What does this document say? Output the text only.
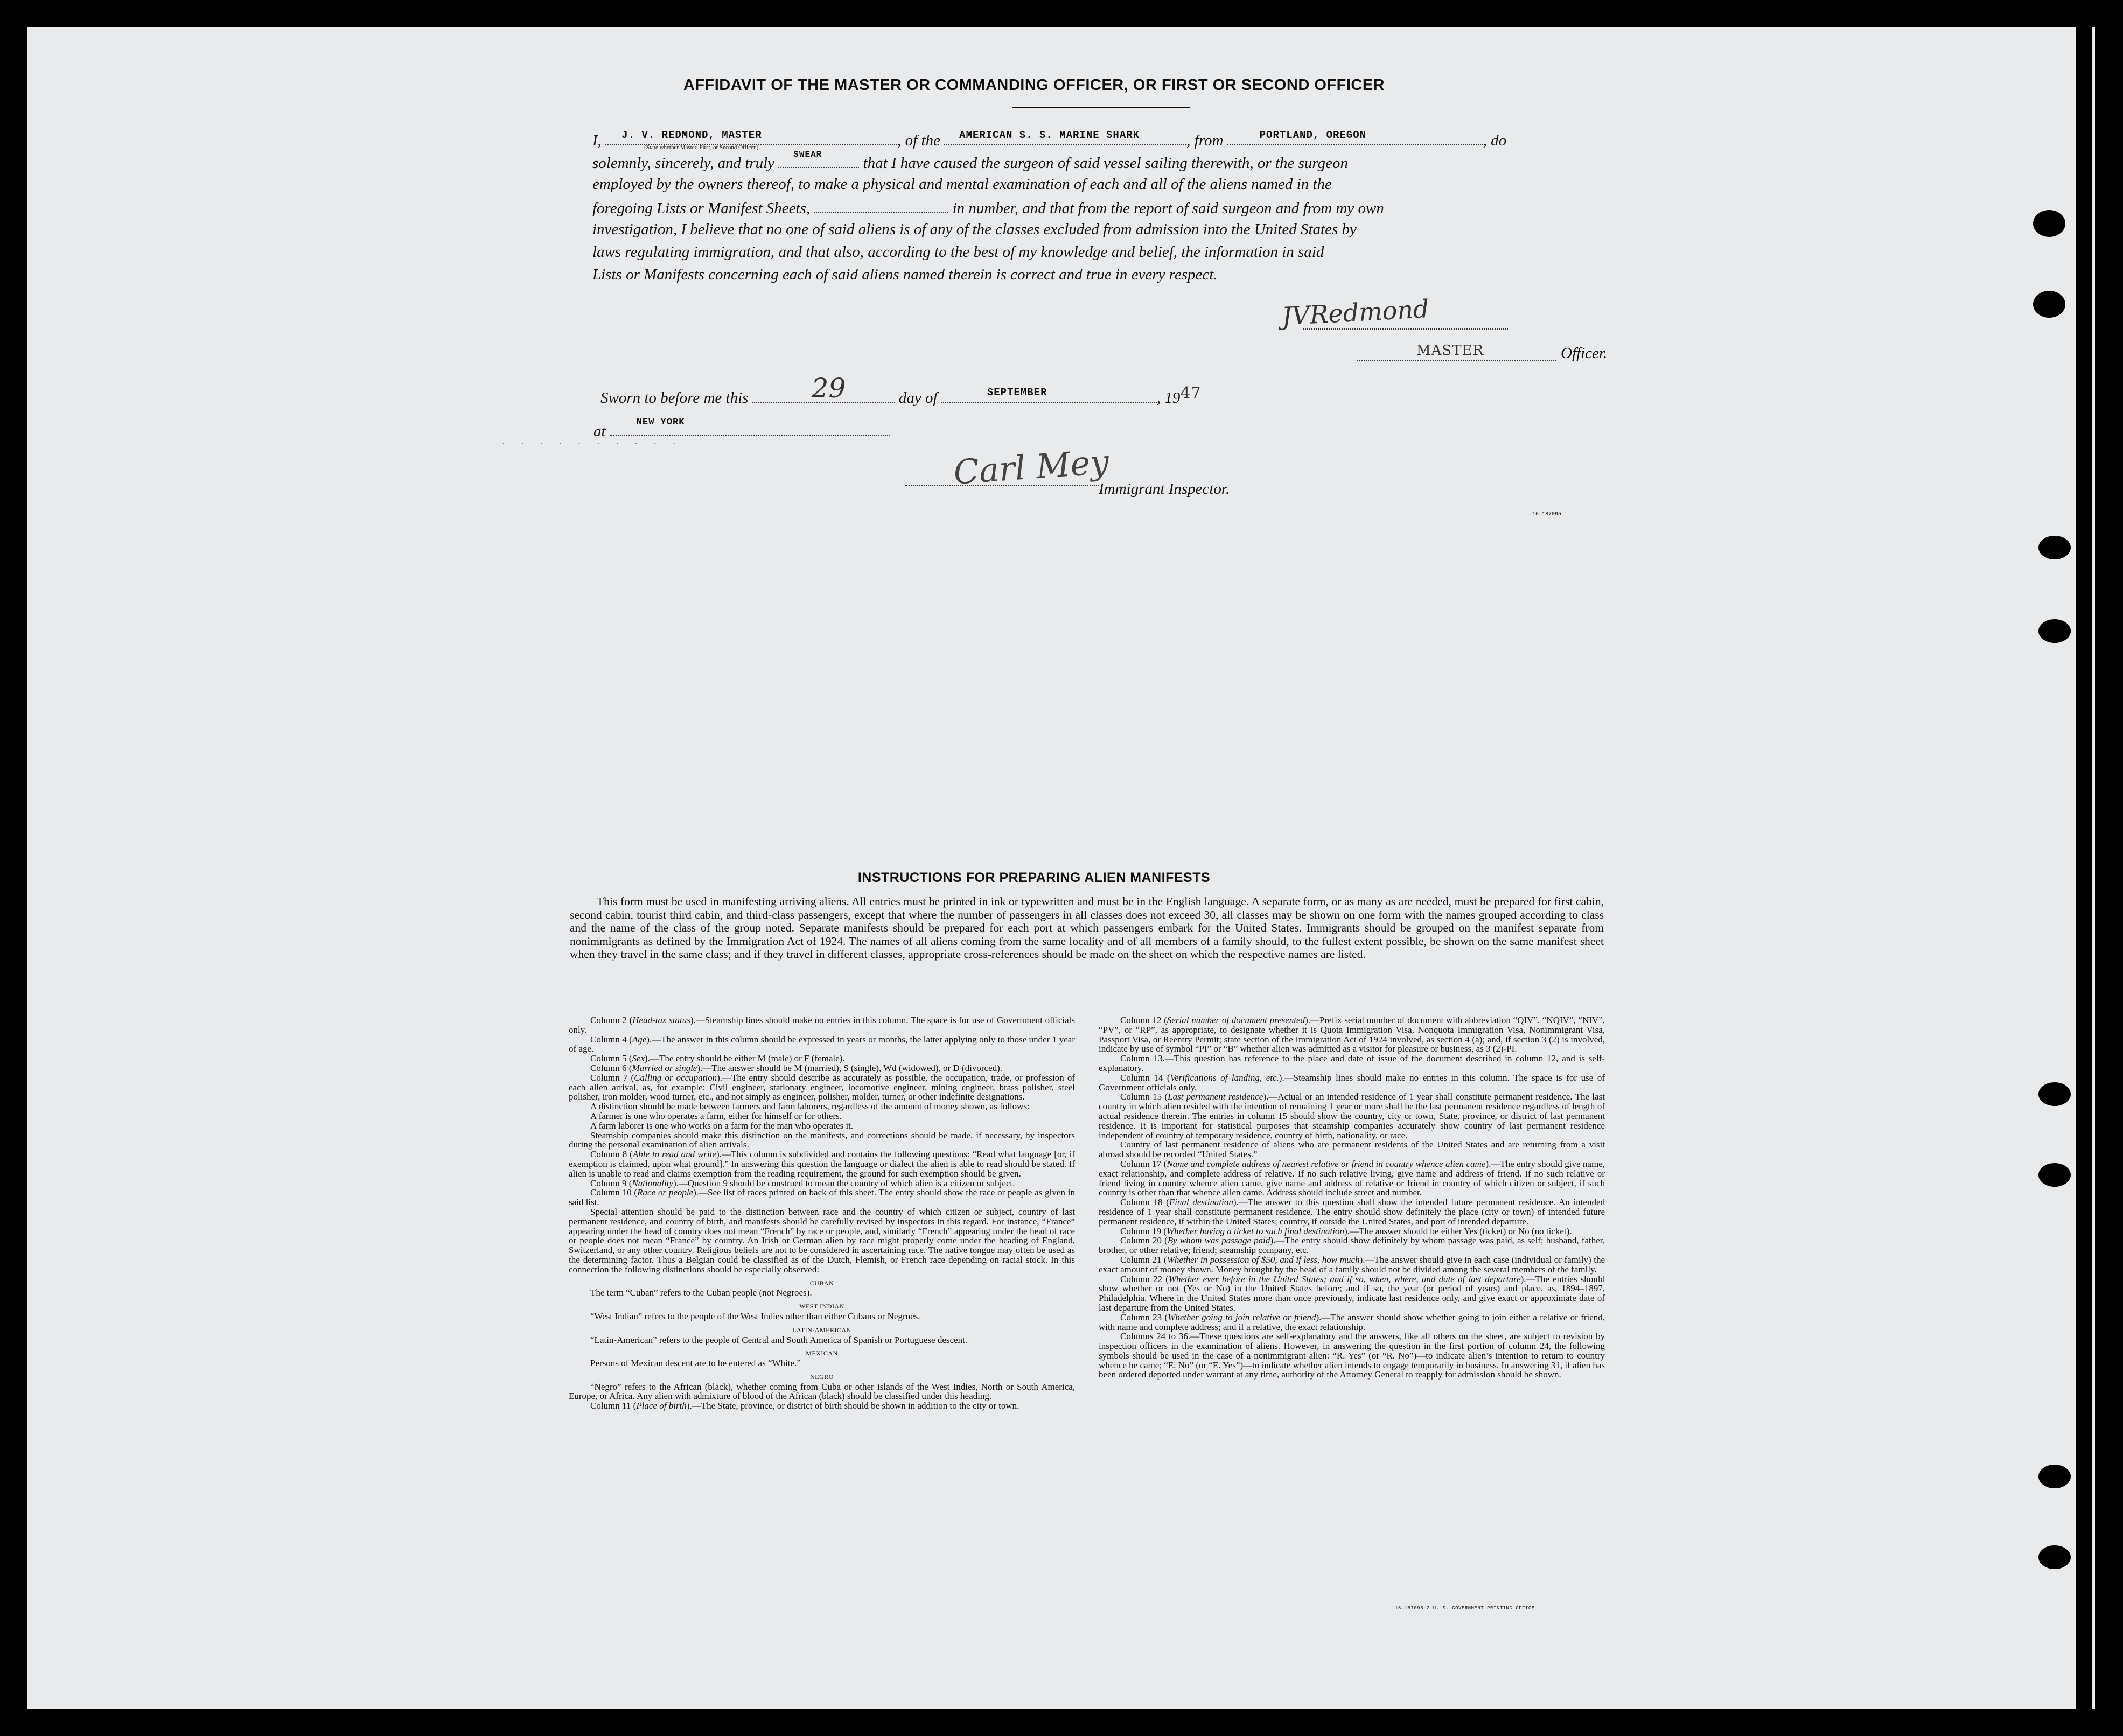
AFFIDAVIT OF THE MASTER OR COMMANDING OFFICER, OR FIRST OR SECOND OFFICER
I, J. V. REDMOND, MASTER
(State whether Master, First, or Second Officer.)	, of the AMERICAN S. S. MARINE SHARK	, from	PORTLAND, OREGON	, do
solemnly, sincerely, and truly SWEAR	that I have caused the surgeon of said vessel sailing therewith, or the surgeon
employed by the owners thereof, to make a physical and mental examination of each and all of the aliens named in the
foregoing Lists or Manifest Sheets,	in number, and that from the report of said surgeon and from my own
investigation, I believe that no one of said aliens is of any of the classes excluded from admission into the United States by
laws regulating immigration, and that also, according to the best of my knowledge and belief, the information in said
Lists or Manifests concerning each of said aliens named therein is correct and true in every respect.
JVRedmond
MASTER	Officer.
Sworn to before me this 29	day of	SEPTEMBER	, 1947
at
NEW YORK
· · · · · · · · · ·	Carl Mey
Immigrant Inspector.
16—187095
INSTRUCTIONS FOR PREPARING ALIEN MANIFESTS
This form must be used in manifesting arriving aliens. All entries must be printed in ink or typewritten and must be in the English language. A separate form, or as many as are needed, must be prepared for first cabin, second cabin, tourist third cabin, and third-class passengers, except that where the number of passengers in all classes does not exceed 30, all classes may be shown on one form with the names grouped according to class and the name of the class of the group noted. Separate manifests should be prepared for each port at which passengers embark for the United States. Immigrants should be grouped on the manifest separate from nonimmigrants as defined by the Immigration Act of 1924. The names of all aliens coming from the same locality and of all members of a family should, to the fullest extent possible, be shown on the same manifest sheet when they travel in the same class; and if they travel in different classes, appropriate cross-references should be made on the sheet on which the respective names are listed.

Column 2 (Head-tax status).—Steamship lines should make no entries in this column. The space is for use of Government officials only.

Column 4 (Age).—The answer in this column should be expressed in years or months, the latter applying only to those under 1 year of age.

Column 5 (Sex).—The entry should be either M (male) or F (female).

Column 6 (Married or single).—The answer should be M (married), S (single), Wd (widowed), or D (divorced).

Column 7 (Calling or occupation).—The entry should describe as accurately as possible, the occupation, trade, or profession of each alien arrival, as, for example: Civil engineer, stationary engineer, locomotive engineer, mining engineer, brass polisher, steel polisher, iron molder, wood turner, etc., and not simply as engineer, polisher, molder, turner, or other indefinite designations.

A distinction should be made between farmers and farm laborers, regardless of the amount of money shown, as follows:

A farmer is one who operates a farm, either for himself or for others.

A farm laborer is one who works on a farm for the man who operates it.

Steamship companies should make this distinction on the manifests, and corrections should be made, if necessary, by inspectors during the personal examination of alien arrivals.

Column 8 (Able to read and write).—This column is subdivided and contains the following questions: “Read what language [or, if exemption is claimed, upon what ground].” In answering this question the language or dialect the alien is able to read should be stated. If alien is unable to read and claims exemption from the reading requirement, the ground for such exemption should be given.

Column 9 (Nationality).—Question 9 should be construed to mean the country of which alien is a citizen or subject.

Column 10 (Race or people).—See list of races printed on back of this sheet. The entry should show the race or people as given in said list.

Special attention should be paid to the distinction between race and the country of which citizen or subject, country of last permanent residence, and country of birth, and manifests should be carefully revised by inspectors in this regard. For instance, “France” appearing under the head of country does not mean “French” by race or people, and, similarly “French” appearing under the head of race or people does not mean “France” by country. An Irish or German alien by race might properly come under the heading of England, Switzerland, or any other country. Religious beliefs are not to be considered in ascertaining race. The native tongue may often be used as the determining factor. Thus a Belgian could be classified as of the Dutch, Flemish, or French race depending on racial stock. In this connection the following distinctions should be especially observed:

CUBAN

The term “Cuban” refers to the Cuban people (not Negroes).

WEST INDIAN

“West Indian” refers to the people of the West Indies other than either Cubans or Negroes.

LATIN-AMERICAN

“Latin-American” refers to the people of Central and South America of Spanish or Portuguese descent.

MEXICAN

Persons of Mexican descent are to be entered as “White.”

NEGRO

“Negro” refers to the African (black), whether coming from Cuba or other islands of the West Indies, North or South America, Europe, or Africa. Any alien with admixture of blood of the African (black) should be classified under this heading.

Column 11 (Place of birth).—The State, province, or district of birth should be shown in addition to the city or town.

Column 12 (Serial number of document presented).—Prefix serial number of document with abbreviation “QIV”, “NQIV”, “NIV”, “PV”, or “RP”, as appropriate, to designate whether it is Quota Immigration Visa, Nonquota Immigration Visa, Nonimmigrant Visa, Passport Visa, or Reentry Permit; state section of the Immigration Act of 1924 involved, as section 4 (a); and, if section 3 (2) is involved, indicate by use of symbol “PI” or “B” whether alien was admitted as a visitor for pleasure or business, as 3 (2)-PI.

Column 13.—This question has reference to the place and date of issue of the document described in column 12, and is self-explanatory.

Column 14 (Verifications of landing, etc.).—Steamship lines should make no entries in this column. The space is for use of Government officials only.

Column 15 (Last permanent residence).—Actual or an intended residence of 1 year shall constitute permanent residence. The last country in which alien resided with the intention of remaining 1 year or more shall be the last permanent residence regardless of length of actual residence therein. The entries in column 15 should show the country, city or town, State, province, or district of last permanent residence. It is important for statistical purposes that steamship companies accurately show country of last permanent residence independent of country of temporary residence, country of birth, nationality, or race.

Country of last permanent residence of aliens who are permanent residents of the United States and are returning from a visit abroad should be recorded “United States.”

Column 17 (Name and complete address of nearest relative or friend in country whence alien came).—The entry should give name, exact relationship, and complete address of relative. If no such relative living, give name and address of friend. If no such relative or friend living in country whence alien came, give name and address of relative or friend in country of which citizen or subject, if such country is other than that whence alien came. Address should include street and number.

Column 18 (Final destination).—The answer to this question shall show the intended future permanent residence. An intended residence of 1 year shall constitute permanent residence. The entry should show definitely the place (city or town) of intended future permanent residence, if within the United States; country, if outside the United States, and port of intended departure.

Column 19 (Whether having a ticket to such final destination).—The answer should be either Yes (ticket) or No (no ticket).

Column 20 (By whom was passage paid).—The entry should show definitely by whom passage was paid, as self; husband, father, brother, or other relative; friend; steamship company, etc.

Column 21 (Whether in possession of $50, and if less, how much).—The answer should give in each case (individual or family) the exact amount of money shown. Money brought by the head of a family should not be divided among the several members of the family.

Column 22 (Whether ever before in the United States; and if so, when, where, and date of last departure).—The entries should show whether or not (Yes or No) in the United States before; and if so, the year (or period of years) and place, as, 1894–1897, Philadelphia. Where in the United States more than once previously, indicate last residence only, and give exact or approximate date of last departure from the United States.

Column 23 (Whether going to join relative or friend).—The answer should show whether going to join either a relative or friend, with name and complete address; and if a relative, the exact relationship.

Columns 24 to 36.—These questions are self-explanatory and the answers, like all others on the sheet, are subject to revision by inspection officers in the examination of aliens. However, in answering the question in the first portion of column 24, the following symbols should be used in the case of a nonimmigrant alien: “R. Yes” (or “R. No”)—to indicate alien’s intention to return to country whence he came; “E. No” (or “E. Yes”)—to indicate whether alien intends to engage temporarily in business. In answering 31, if alien has been ordered deported under warrant at any time, authority of the Attorney General to reapply for admission should be shown.

16—187095-2 U. S. GOVERNMENT PRINTING OFFICE
